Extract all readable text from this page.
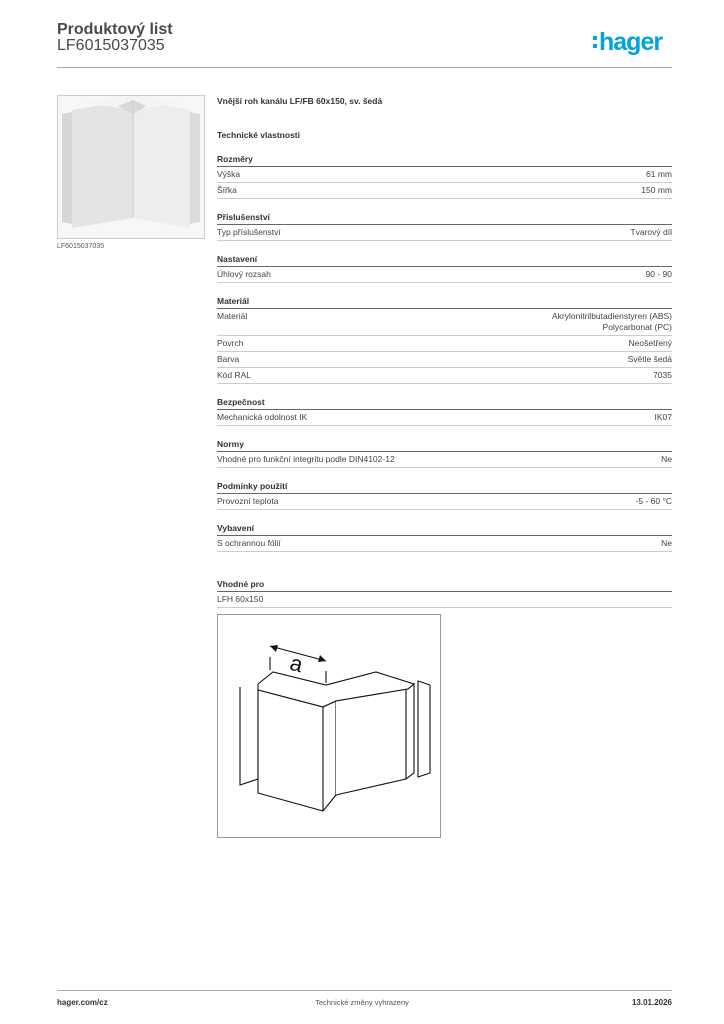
Produktový list
LF6015037035	hager
LF6015037035
Vnější roh kanálu LF/FB 60x150, sv. šedá
Technické vlastnosti
Rozměry
Výška	61 mm
Šířka	150 mm
Příslušenství
Typ příslušenství	Tvarový díl
Nastavení
Úhlový rozsah	90 - 90
Materiál
Materiál	Akrylonitrilbutadienstyren (ABS)
Polycarbonat (PC)
Povrch	Neošetřený
Barva	Světle šedá
Kód RAL	7035
Bezpečnost
Mechanická odolnost IK	IK07
Normy
Vhodné pro funkční integritu podle DIN4102-12	Ne
Podmínky použití
Provozní teplota	-5 - 60 °C
Vybavení
S ochrannou fólií	Ne
Vhodné pro
LFH 60x150
a
hager.com/cz	Technické změny vyhrazeny	13.01.2026
